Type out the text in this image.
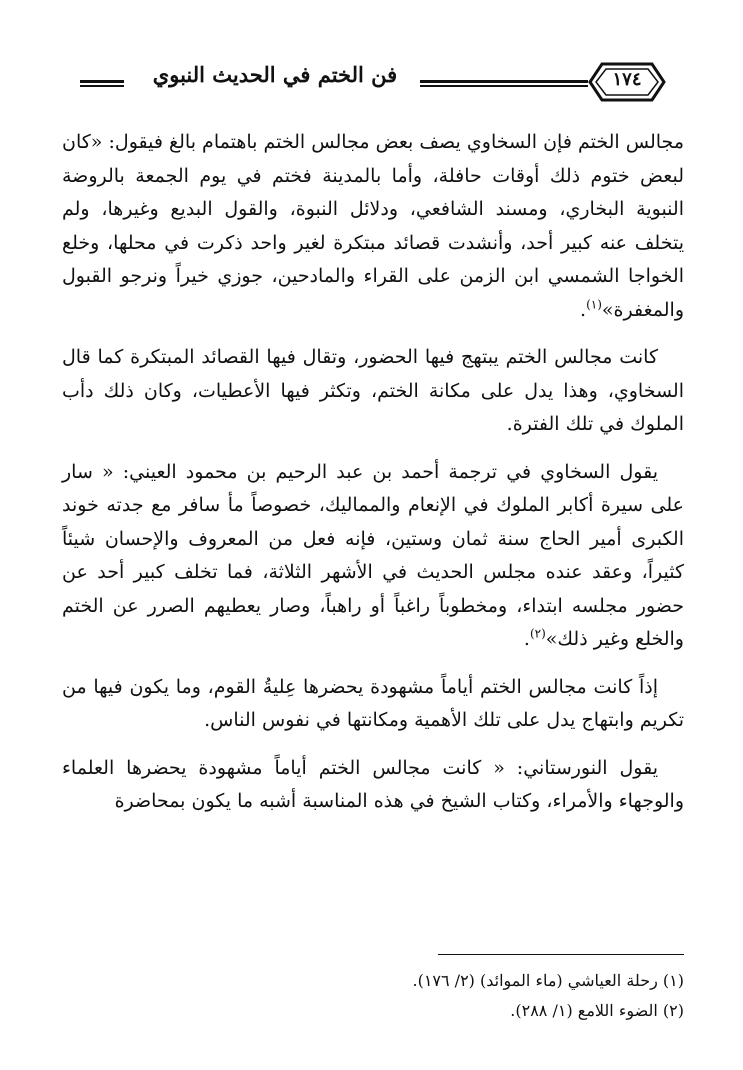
فن الختم في الحديث النبوي	١٧٤

مجالس الختم فإن السخاوي يصف بعض مجالس الختم باهتمام بالغ فيقول: «كان لبعض ختوم ذلك أوقات حافلة، وأما بالمدينة فختم في يوم الجمعة بالروضة النبوية البخاري، ومسند الشافعي، ودلائل النبوة، والقول البديع وغيرها، ولم يتخلف عنه كبير أحد، وأنشدت قصائد مبتكرة لغير واحد ذكرت في محلها، وخلع الخواجا الشمسي ابن الزمن على القراء والمادحين، جوزي خيراً ونرجو القبول والمغفرة»$^{(١)}$.

كانت مجالس الختم يبتهج فيها الحضور، وتقال فيها القصائد المبتكرة كما قال السخاوي، وهذا يدل على مكانة الختم، وتكثر فيها الأعطيات، وكان ذلك دأب الملوك في تلك الفترة.

يقول السخاوي في ترجمة أحمد بن عبد الرحيم بن محمود العيني: « سار على سيرة أكابر الملوك في الإنعام والمماليك، خصوصاً مأ سافر مع جدته خوند الكبرى أمير الحاج سنة ثمان وستين، فإنه فعل من المعروف والإحسان شيئاً كثيراً، وعقد عنده مجلس الحديث في الأشهر الثلاثة، فما تخلف كبير أحد عن حضور مجلسه ابتداء، ومخطوباً راغباً أو راهباً، وصار يعطيهم الصرر عن الختم والخلع وغير ذلك»$^{(٢)}$.

إذاً كانت مجالس الختم أياماً مشهودة يحضرها عِليةُ القوم، وما يكون فيها من تكريم وابتهاج يدل على تلك الأهمية ومكانتها في نفوس الناس.

يقول النورستاني: « كانت مجالس الختم أياماً مشهودة يحضرها العلماء والوجهاء والأمراء، وكتاب الشيخ في هذه المناسبة أشبه ما يكون بمحاضرة

(١) رحلة العياشي (ماء الموائد) (٢/ ١٧٦).

(٢) الضوء اللامع (١/ ٢٨٨).
